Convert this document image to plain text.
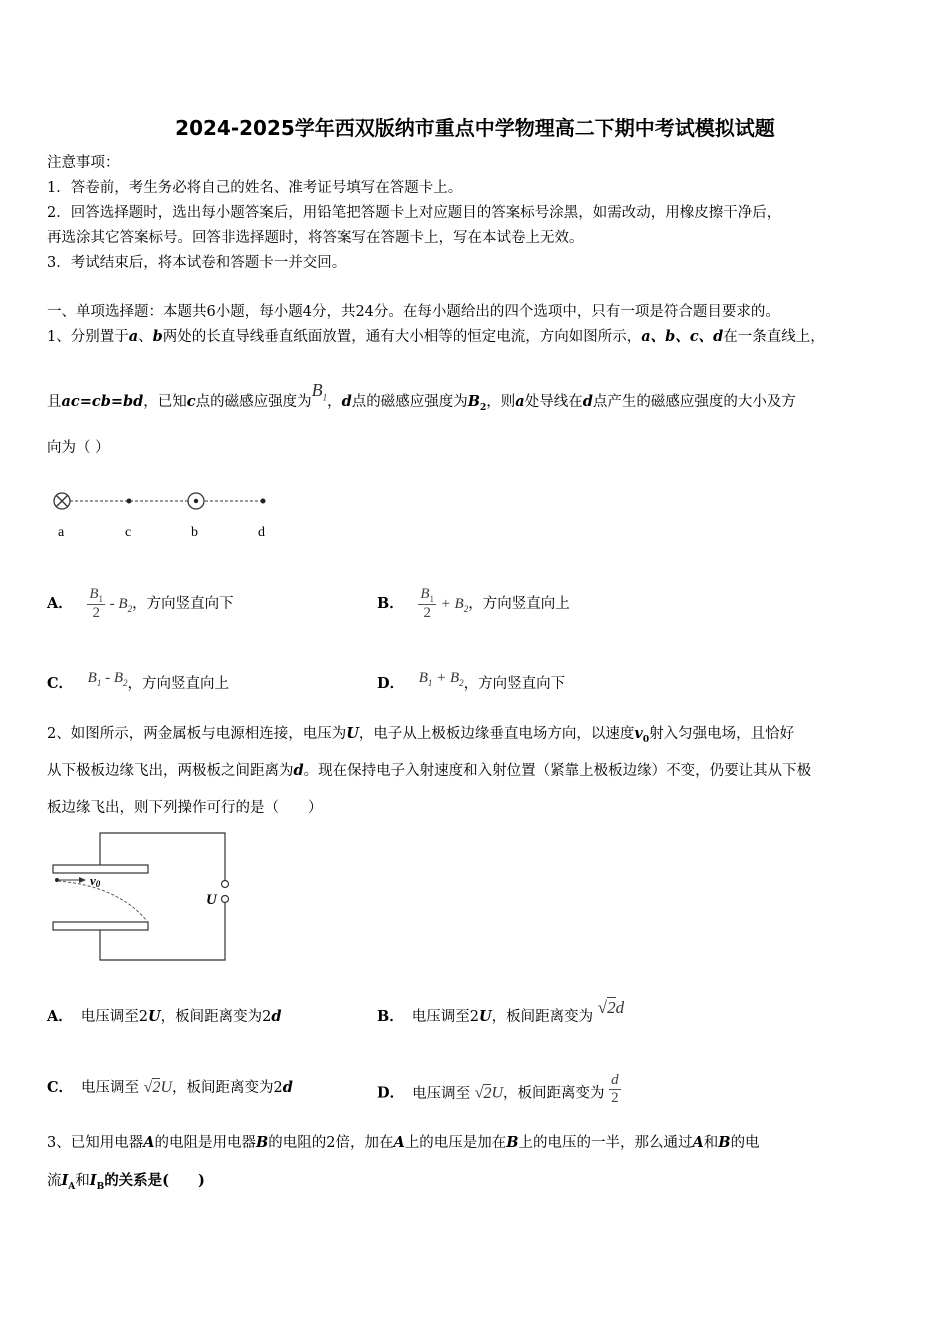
2024-2025学年西双版纳市重点中学物理高二下期中考试模拟试题
注意事项：
1．答卷前，考生务必将自己的姓名、准考证号填写在答题卡上。
2．回答选择题时，选出每小题答案后，用铅笔把答题卡上对应题目的答案标号涂黑，如需改动，用橡皮擦干净后，
再选涂其它答案标号。回答非选择题时，将答案写在答题卡上，写在本试卷上无效。
3．考试结束后，将本试卷和答题卡一并交回。
一、单项选择题：本题共6小题，每小题4分，共24分。在每小题给出的四个选项中，只有一项是符合题目要求的。
1、分别置于a、b两处的长直导线垂直纸面放置，通有大小相等的恒定电流，方向如图所示，a、b、c、d在一条直线上，
且ac=cb=bd，已知c点的磁感应强度为$B_1$，d点的磁感应强度为$B_2$，则a处导线在d点产生的磁感应强度的大小及方
向为（ ）
a	c	b	d
A． $\frac{B_1}{2} - B_2$，方向竖直向下	B． $\frac{B_1}{2} + B_2$，方向竖直向上
C． $B_1 - B_2$，方向竖直向上	D． $B_1 + B_2$，方向竖直向下
2、如图所示，两金属板与电源相连接，电压为U，电子从上极板边缘垂直电场方向，以速度$v_0$射入匀强电场，且恰好
从下极板边缘飞出，两极板之间距离为d。现在保持电子入射速度和入射位置（紧靠上极板边缘）不变，仍要让其从下极
板边缘飞出，则下列操作可行的是（　　）
U
v0
A． 电压调至2U，板间距离变为2d	B． 电压调至2U，板间距离变为 √2d
C． 电压调至 √2U，板间距离变为2d	D． 电压调至 √2U，板间距离变为 $\frac{d}{2}$
3、已知用电器A的电阻是用电器B的电阻的2倍，加在A上的电压是加在B上的电压的一半，那么通过A和B的电
流$I_A$和$I_B$的关系是(　　)
